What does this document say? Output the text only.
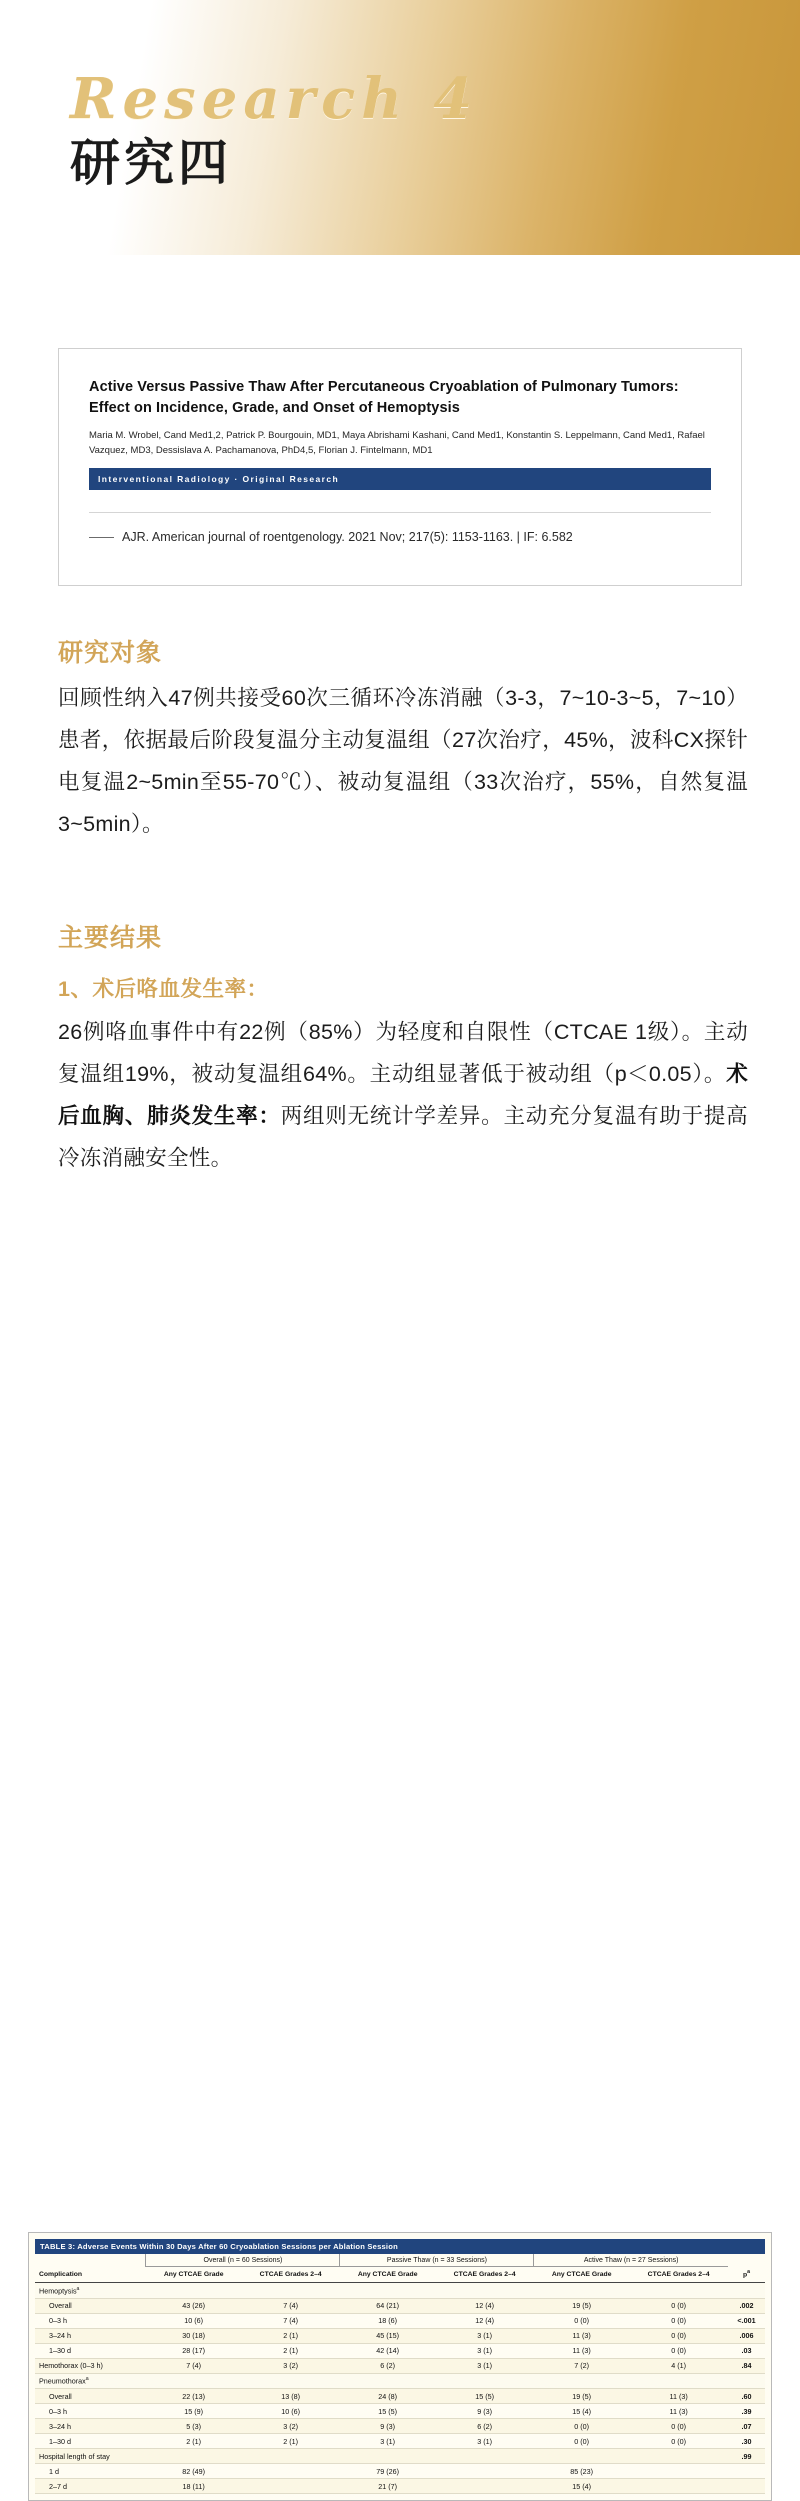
Research 4
研究四
Active Versus Passive Thaw After Percutaneous Cryoablation of Pulmonary Tumors: Effect on Incidence, Grade, and Onset of Hemoptysis
Maria M. Wrobel, Cand Med1,2, Patrick P. Bourgouin, MD1, Maya Abrishami Kashani, Cand Med1, Konstantin S. Leppelmann, Cand Med1, Rafael Vazquez, MD3, Dessislava A. Pachamanova, PhD4,5, Florian J. Fintelmann, MD1
Interventional Radiology · Original Research
—— AJR. American journal of roentgenology. 2021 Nov; 217(5): 1153-1163. | IF: 6.582
研究对象
回顾性纳入47例共接受60次三循环冷冻消融（3-3，7~10-3~5，7~10）患者，依据最后阶段复温分主动复温组（27次治疗，45%，波科CX探针电复温2~5min至55-70℃）、被动复温组（33次治疗，55%，自然复温3~5min）。
主要结果
1、术后咯血发生率：
26例咯血事件中有22例（85%）为轻度和自限性（CTCAE 1级）。主动复温组19%，被动复温组64%。主动组显著低于被动组（p＜0.05）。术后血胸、肺炎发生率：两组则无统计学差异。主动充分复温有助于提高冷冻消融安全性。
TABLE 3: Adverse Events Within 30 Days After 60 Cryoablation Sessions per Ablation Session							
	Overall (n = 60 Sessions)		Passive Thaw (n = 33 Sessions)		Active Thaw (n = 27 Sessions)		
Complication	Any CTCAE Grade	CTCAE Grades 2–4	Any CTCAE Grade	CTCAE Grades 2–4	Any CTCAE Grade	CTCAE Grades 2–4	$p^a$
Hemoptysis$^a$							
Overall	43 (26)	7 (4)	64 (21)	12 (4)	19 (5)	0 (0)	.002
0–3 h	10 (6)	7 (4)	18 (6)	12 (4)	0 (0)	0 (0)	<.001
3–24 h	30 (18)	2 (1)	45 (15)	3 (1)	11 (3)	0 (0)	.006
1–30 d	28 (17)	2 (1)	42 (14)	3 (1)	11 (3)	0 (0)	.03
Hemothorax (0–3 h)	7 (4)	3 (2)	6 (2)	3 (1)	7 (2)	4 (1)	.84
Pneumothorax$^a$							
Overall	22 (13)	13 (8)	24 (8)	15 (5)	19 (5)	11 (3)	.60
0–3 h	15 (9)	10 (6)	15 (5)	9 (3)	15 (4)	11 (3)	.39
3–24 h	5 (3)	3 (2)	9 (3)	6 (2)	0 (0)	0 (0)	.07
1–30 d	2 (1)	2 (1)	3 (1)	3 (1)	0 (0)	0 (0)	.30
Hospital length of stay							.99
1 d	82 (49)		79 (26)		85 (23)		
2–7 d	18 (11)		21 (7)		15 (4)		
